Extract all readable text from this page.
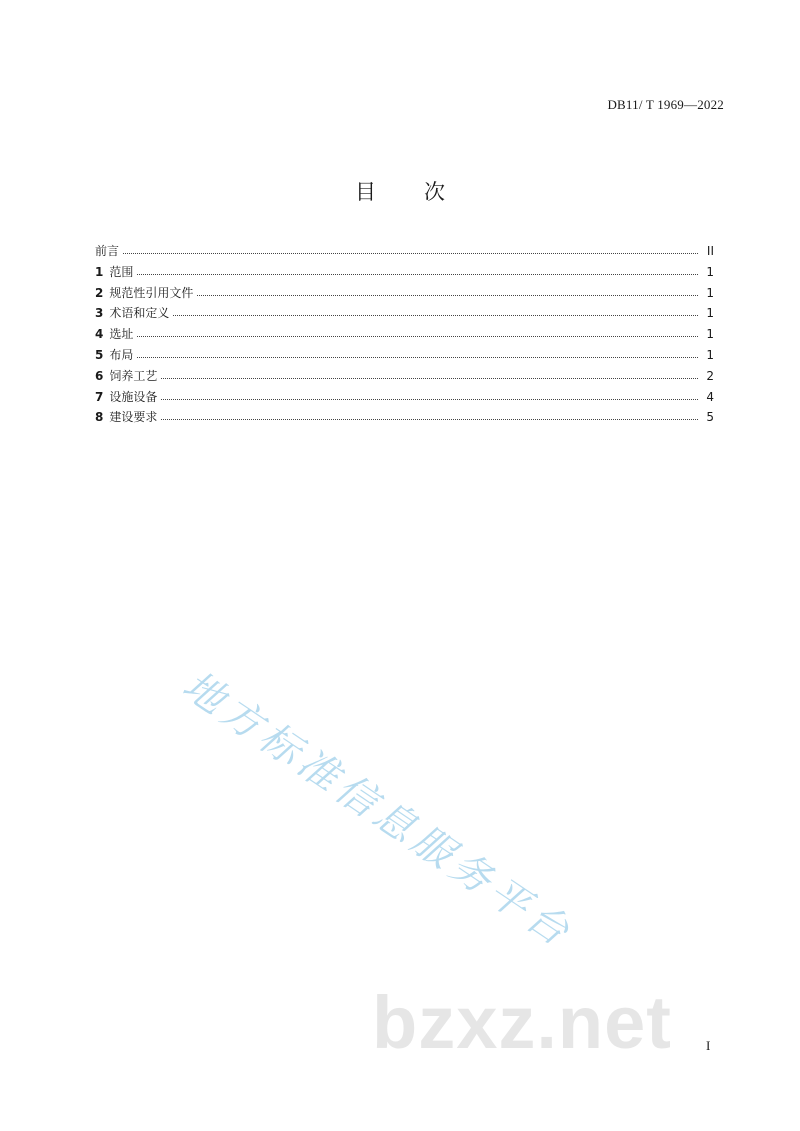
DB11/ T 1969—2022
目 次
前言	II
1 范围	1
2 规范性引用文件	1
3 术语和定义	1
4 选址	1
5 布局	1
6 饲养工艺	2
7 设施设备	4
8 建设要求	5
地方标准信息服务平台
bzxz.net	I
